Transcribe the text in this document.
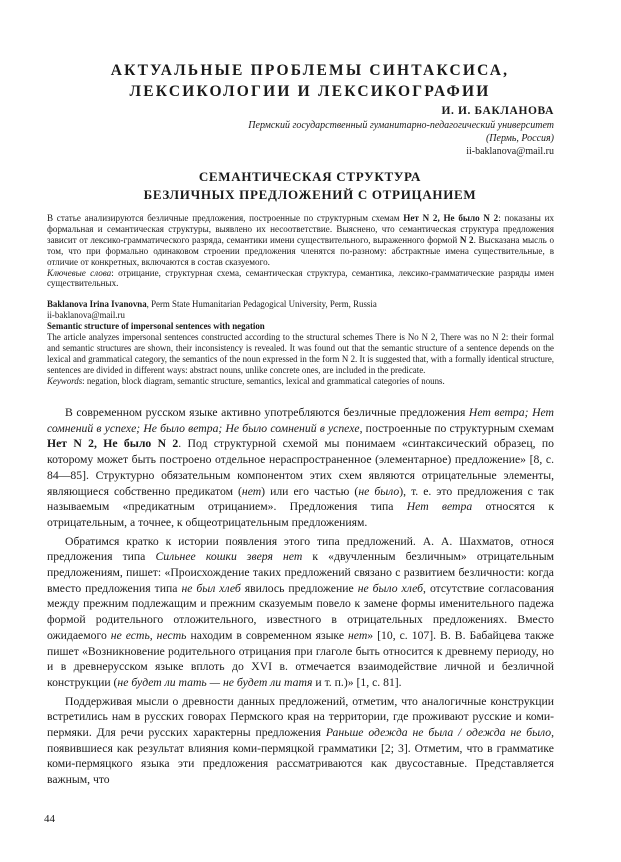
АКТУАЛЬНЫЕ ПРОБЛЕМЫ СИНТАКСИСА,
ЛЕКСИКОЛОГИИ И ЛЕКСИКОГРАФИИ
И. И. БАКЛАНОВА
Пермский государственный гуманитарно-педагогический университет
(Пермь, Россия)
ii-baklanova@mail.ru
СЕМАНТИЧЕСКАЯ СТРУКТУРА
БЕЗЛИЧНЫХ ПРЕДЛОЖЕНИЙ С ОТРИЦАНИЕМ

В статье анализируются безличные предложения, построенные по структурным схемам Нет N 2, Не было N 2: показаны их формальная и семантическая структуры, выявлено их несоответствие. Выяснено, что семантическая структура предложения зависит от лексико-грамматического разряда, семантики имени существительного, выраженного формой N 2. Высказана мысль о том, что при формально одинаковом строении предложения членятся по-разному: абстрактные имена существительные, в отличие от конкретных, включаются в состав сказуемого.

Ключевые слова: отрицание, структурная схема, семантическая структура, семантика, лексико-грамматические разряды имен существительных.

Baklanova Irina Ivanovna, Perm State Humanitarian Pedagogical University, Perm, Russia

ii-baklanova@mail.ru

Semantic structure of impersonal sentences with negation

The article analyzes impersonal sentences constructed according to the structural schemes There is No N 2, There was no N 2: their formal and semantic structures are shown, their inconsistency is revealed. It was found out that the semantic structure of a sentence depends on the lexical and grammatical category, the semantics of the noun expressed in the form N 2. It is suggested that, with a formally identical structure, sentences are divided in different ways: abstract nouns, unlike concrete ones, are included in the predicate.

Keywords: negation, block diagram, semantic structure, semantics, lexical and grammatical categories of nouns.

В современном русском языке активно употребляются безличные предложения Нет ветра; Нет сомнений в успехе; Не было ветра; Не было сомнений в успехе, построенные по структурным схемам Нет N 2, Не было N 2. Под структурной схемой мы понимаем «синтаксический образец, по которому может быть построено отдельное нераспространенное (элементарное) предложение» [8, с. 84—85]. Структурно обязательным компонентом этих схем являются отрицательные элементы, являющиеся собственно предикатом (нет) или его частью (не было), т. е. это предложения с так называемым «предикатным отрицанием». Предложения типа Нет ветра относятся к отрицательным, а точнее, к общеотрицательным предложениям.

Обратимся кратко к истории появления этого типа предложений. А. А. Шахматов, относя предложения типа Сильнее кошки зверя нет к «двучленным безличным» отрицательным предложениям, пишет: «Происхождение таких предложений связано с развитием безличности: когда вместо предложения типа не был хлеб явилось предложение не было хлеб, отсутствие согласования между прежним подлежащим и прежним сказуемым повело к замене формы именительного падежа формой родительного отложительного, известного в отрицательных предложениях. Вместо ожидаемого не есть, несть находим в современном языке нет» [10, с. 107]. В. В. Бабайцева также пишет «Возникновение родительного отрицания при глаголе быть относится к древнему периоду, но и в древнерусском языке вплоть до XVI в. отмечается взаимодействие личной и безличной конструкции (не будет ли тать — не будет ли татя и т. п.)» [1, с. 81].

Поддерживая мысли о древности данных предложений, отметим, что аналогичные конструкции встретились нам в русских говорах Пермского края на территории, где проживают русские и коми-пермяки. Для речи русских характерны предложения Раньше одежда не была / одежда не было, появившиеся как результат влияния коми-пермяцкой грамматики [2; 3]. Отметим, что в грамматике коми-пермяцкого языка эти предложения рассматриваются как двусоставные. Представляется важным, что

44
